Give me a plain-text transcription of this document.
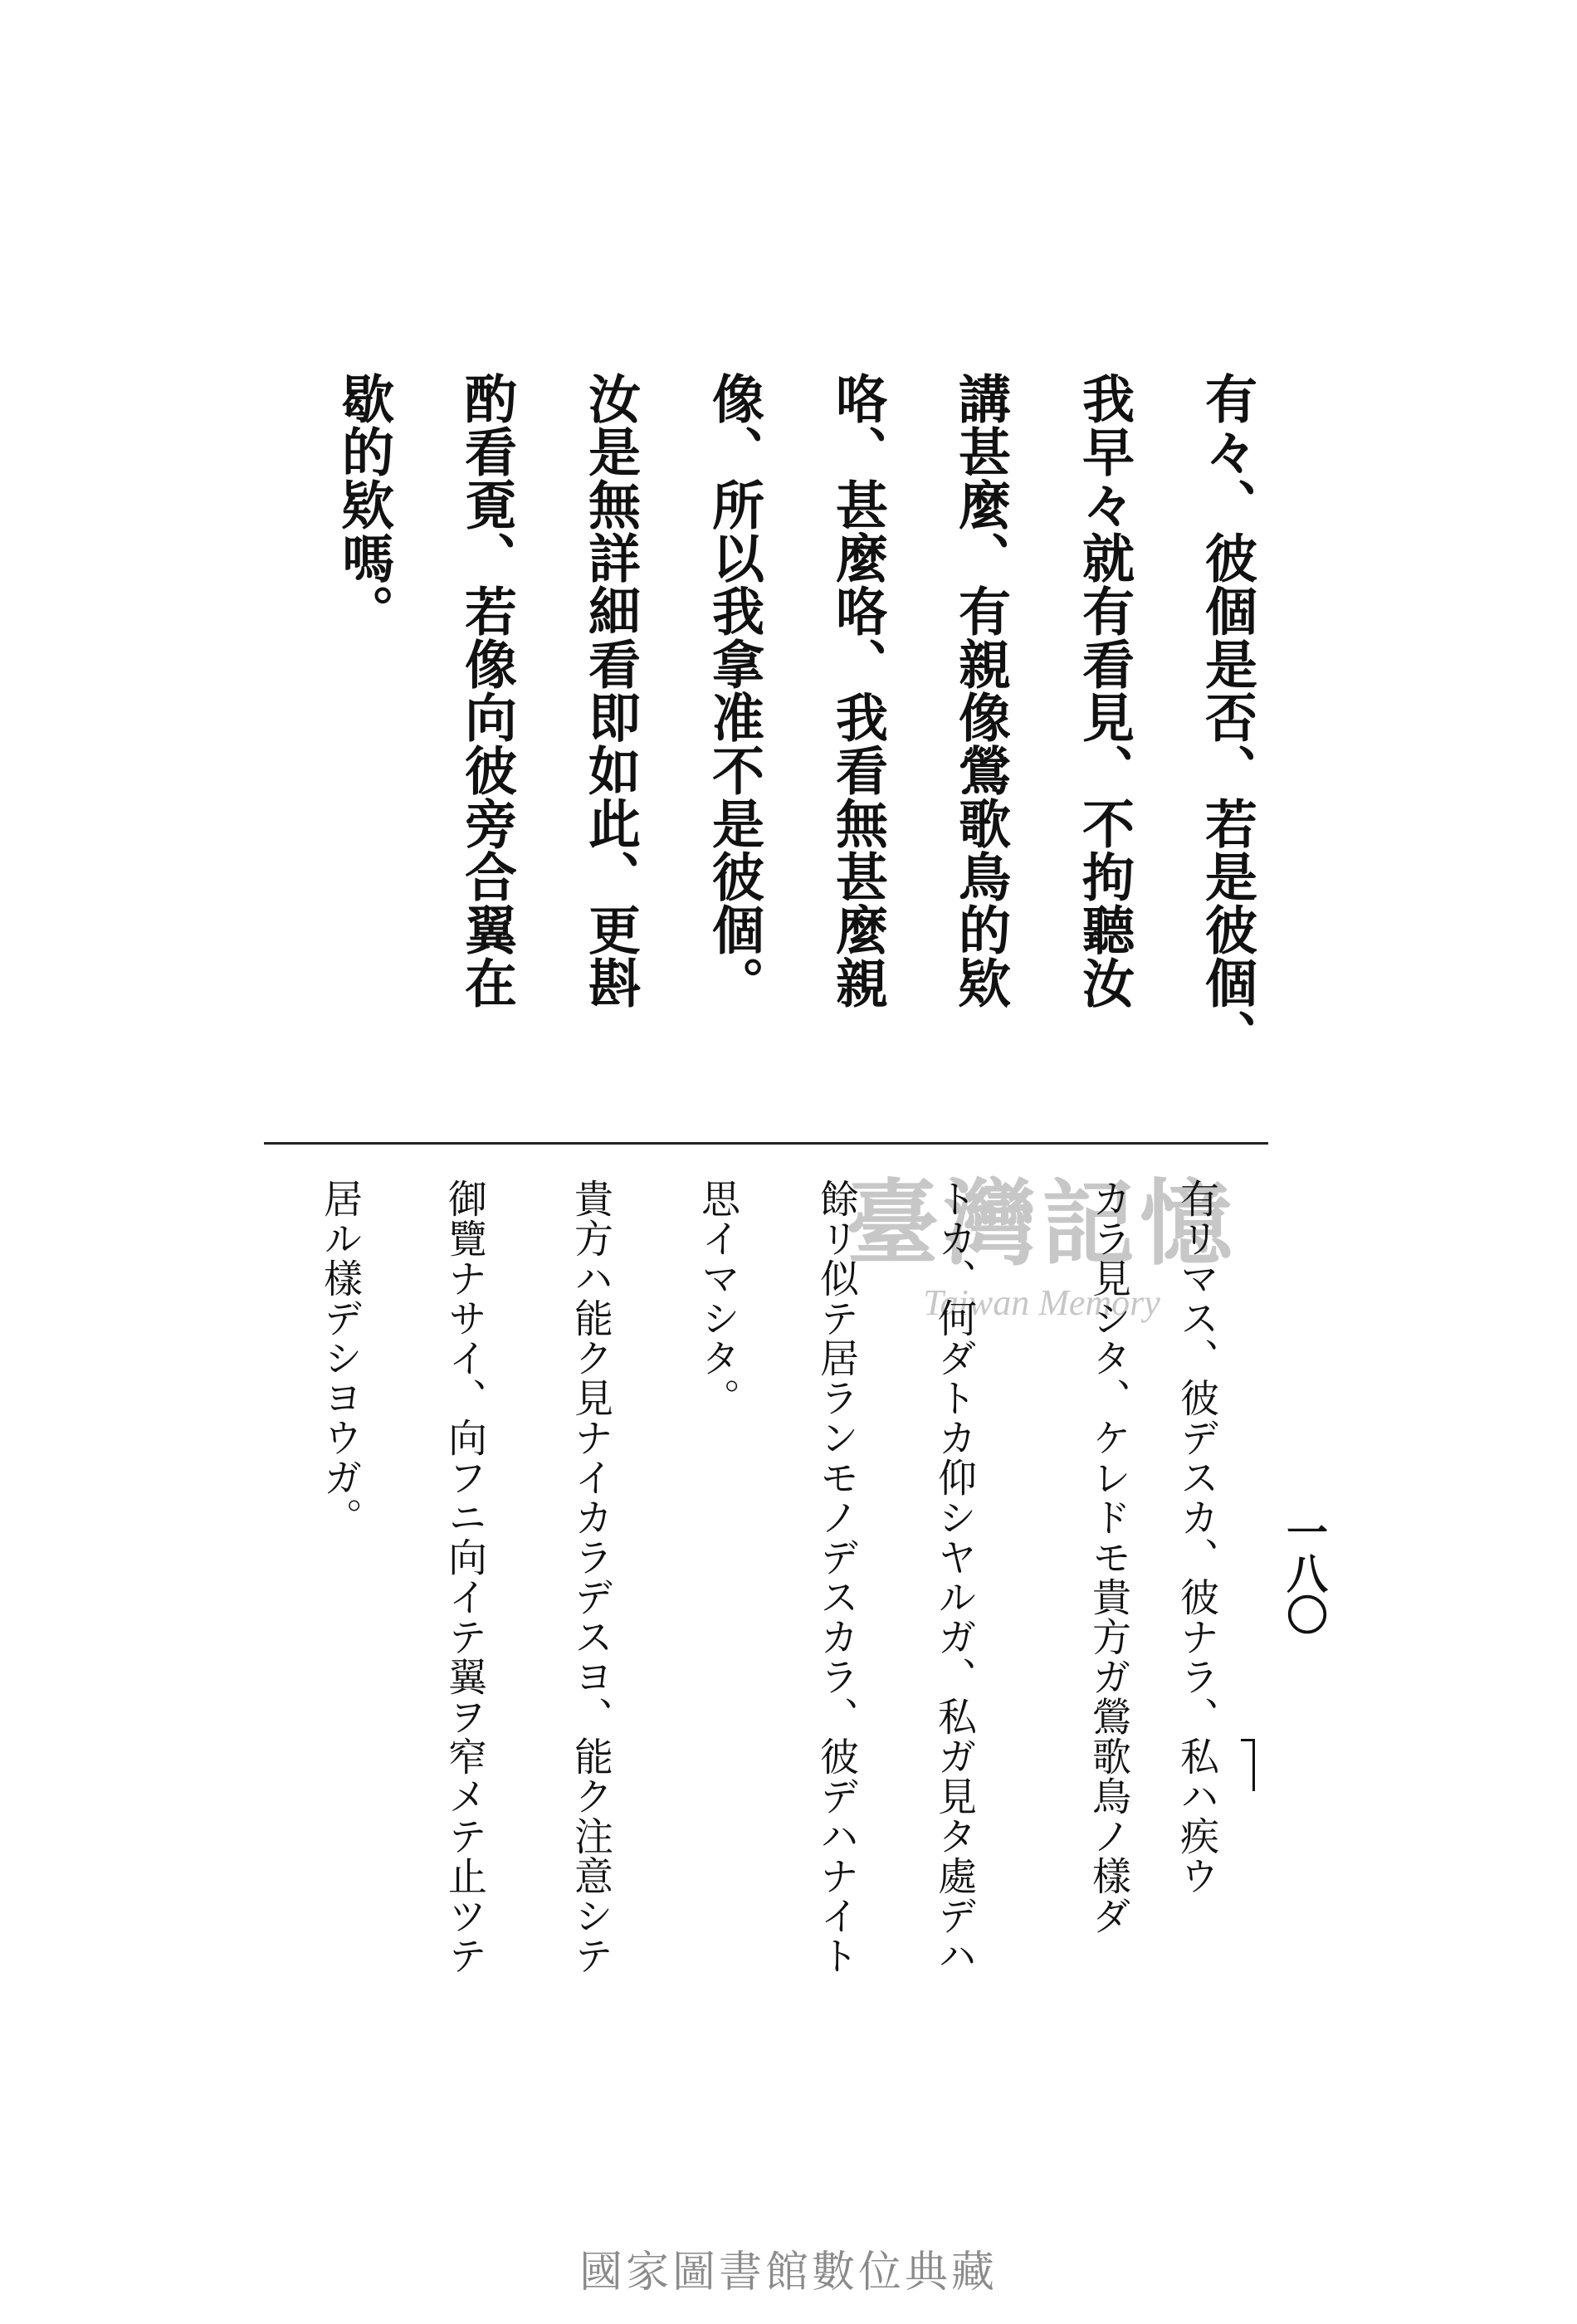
有々、彼個是否、若是彼個、
我早々就有看見、不拘聽汝
講甚麼、有親像鶯歌鳥的欵
咯、甚麼咯、我看無甚麼親
像、所以我拿准不是彼個。
汝是無詳細看即如此、更斟
酌看覔、若像向彼旁合翼在
歇的欵嗎。
臺灣記憶
Taiwan Memory 有リマス、彼デスカ、彼ナラ、私ハ疾ウ
カラ見シタ、ケレドモ貴方ガ鶯歌鳥ノ樣ダ
トカ、何ダトカ仰シヤルガ、私ガ見タ處デハ
餘リ似テ居ランモノデスカラ、彼デハナイト
思イマシタ。
貴方ハ能ク見ナイカラデスヨ、能ク注意シテ
御覽ナサイ、向フニ向イテ翼ヲ窄メテ止ツテ
居ル樣デシヨウガ。
一八〇
國家圖書館數位典藏
